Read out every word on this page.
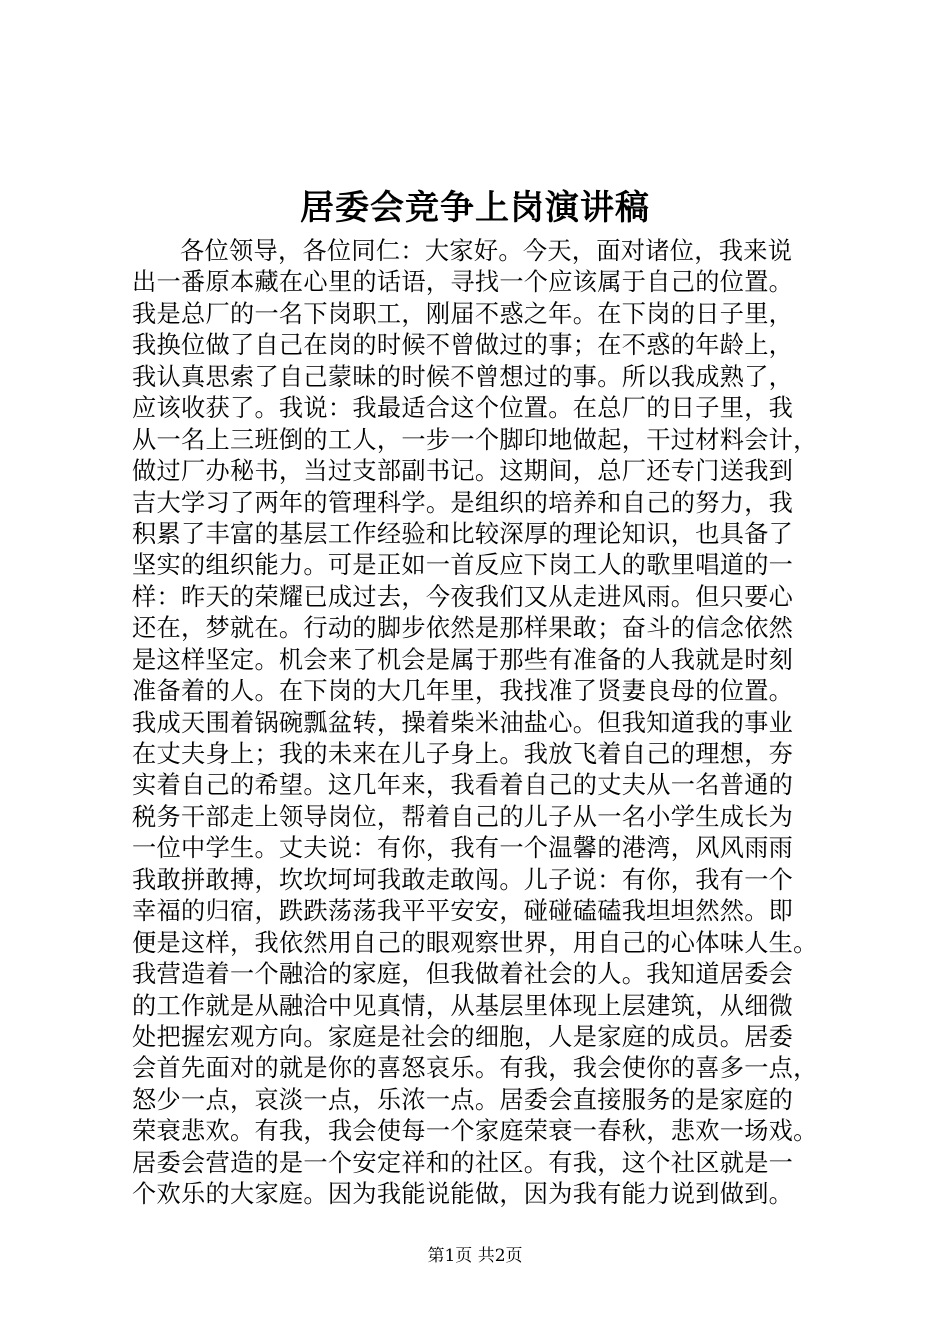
居委会竞争上岗演讲稿
各位领导，各位同仁：大家好。今天，面对诸位，我来说
出一番原本藏在心里的话语，寻找一个应该属于自己的位置。
我是总厂的一名下岗职工，刚届不惑之年。在下岗的日子里，
我换位做了自己在岗的时候不曾做过的事；在不惑的年龄上，
我认真思索了自己蒙昧的时候不曾想过的事。所以我成熟了，
应该收获了。我说：我最适合这个位置。在总厂的日子里，我
从一名上三班倒的工人，一步一个脚印地做起，干过材料会计，
做过厂办秘书，当过支部副书记。这期间，总厂还专门送我到
吉大学习了两年的管理科学。是组织的培养和自己的努力，我
积累了丰富的基层工作经验和比较深厚的理论知识，也具备了
坚实的组织能力。可是正如一首反应下岗工人的歌里唱道的一
样：昨天的荣耀已成过去，今夜我们又从走进风雨。但只要心
还在，梦就在。行动的脚步依然是那样果敢；奋斗的信念依然
是这样坚定。机会来了机会是属于那些有准备的人我就是时刻
准备着的人。在下岗的大几年里，我找准了贤妻良母的位置。
我成天围着锅碗瓢盆转，操着柴米油盐心。但我知道我的事业
在丈夫身上；我的未来在儿子身上。我放飞着自己的理想，夯
实着自己的希望。这几年来，我看着自己的丈夫从一名普通的
税务干部走上领导岗位，帮着自己的儿子从一名小学生成长为
一位中学生。丈夫说：有你，我有一个温馨的港湾，风风雨雨
我敢拼敢搏，坎坎坷坷我敢走敢闯。儿子说：有你，我有一个
幸福的归宿，跌跌荡荡我平平安安，碰碰磕磕我坦坦然然。即
便是这样，我依然用自己的眼观察世界，用自己的心体味人生。
我营造着一个融洽的家庭，但我做着社会的人。我知道居委会
的工作就是从融洽中见真情，从基层里体现上层建筑，从细微
处把握宏观方向。家庭是社会的细胞，人是家庭的成员。居委
会首先面对的就是你的喜怒哀乐。有我，我会使你的喜多一点，
怒少一点，哀淡一点，乐浓一点。居委会直接服务的是家庭的
荣衰悲欢。有我，我会使每一个家庭荣衰一春秋，悲欢一场戏。
居委会营造的是一个安定祥和的社区。有我，这个社区就是一
个欢乐的大家庭。因为我能说能做，因为我有能力说到做到。
第1页 共2页
